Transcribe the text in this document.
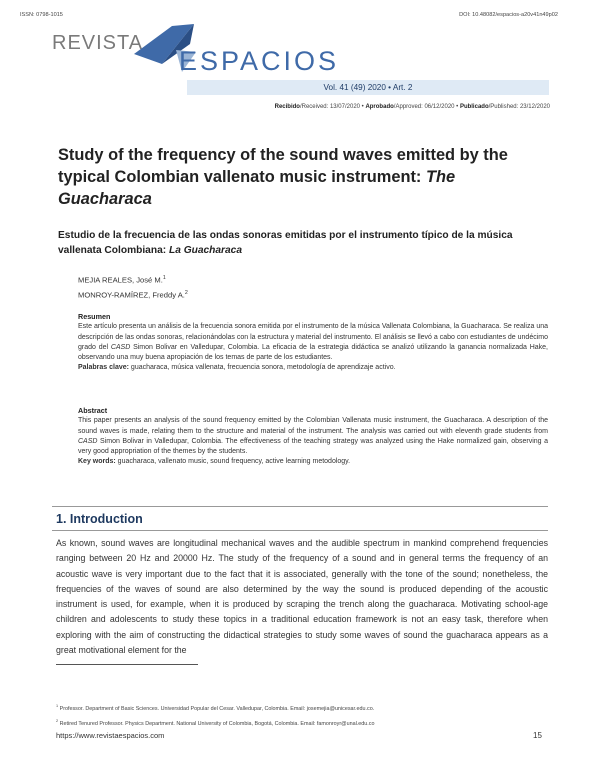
ISSN: 0798-1015	DOI: 10.48082/espacios-a20v41n49p02
REVISTA
ESPACIOS
Vol. 41 (49) 2020 • Art. 2
Recibido/Received: 13/07/2020 • Aprobado/Approved: 06/12/2020 • Publicado/Published: 23/12/2020
Study of the frequency of the sound waves emitted by the typical Colombian vallenato music instrument: The Guacharaca
Estudio de la frecuencia de las ondas sonoras emitidas por el instrumento típico de la música vallenata Colombiana: La Guacharaca
MEJIA REALES, José M.$^1$
MONROY-RAMÍREZ, Freddy A.$^2$
Resumen
Este artículo presenta un análisis de la frecuencia sonora emitida por el instrumento de la música Vallenata Colombiana, la Guacharaca. Se realiza una descripción de las ondas sonoras, relacionándolas con la estructura y material del instrumento. El análisis se llevó a cabo con estudiantes de undécimo grado del CASD Simon Bolivar en Valledupar, Colombia. La eficacia de la estrategia didáctica se analizó utilizando la ganancia normalizada Hake, observando una muy buena apropiación de los temas de parte de los estudiantes.
Palabras clave: guacharaca, música vallenata, frecuencia sonora, metodología de aprendizaje activo.
Abstract
This paper presents an analysis of the sound frequency emitted by the Colombian Vallenata music instrument, the Guacharaca. A description of the sound waves is made, relating them to the structure and material of the instrument. The analysis was carried out with eleventh grade students from CASD Simon Bolivar in Valledupar, Colombia. The effectiveness of the teaching strategy was analyzed using the Hake normalized gain, observing a very good appropriation of the themes by the students.
Key words: guacharaca, vallenato music, sound frequency, active learning metodology.
1. Introduction
As known, sound waves are longitudinal mechanical waves and the audible spectrum in mankind comprehend frequencies ranging between 20 Hz and 20000 Hz. The study of the frequency of a sound and in general terms the frequency of an acoustic wave is very important due to the fact that it is associated, generally with the tone of the sound; nonetheless, the frequencies of the waves of sound are also determined by the way the sound is produced depending of the acoustic instrument is used, for example, when it is produced by scraping the trench along the guacharaca. Motivating school-age children and adolescents to study these topics in a traditional education framework is not an easy task, therefore when exploring with the aim of constructing the didactical strategies to study some waves of sound the guacharaca appears as a great motivational element for the
$^1$ Professor. Department of Basic Sciences. Universidad Popular del Cesar. Valledupar, Colombia. Email: josemejia@unicesar.edu.co.
$^2$ Retired Tenured Professor. Physics Department. National University of Colombia, Bogotá, Colombia. Email: famonroyr@unal.edu.co
https://www.revistaespacios.com	15
